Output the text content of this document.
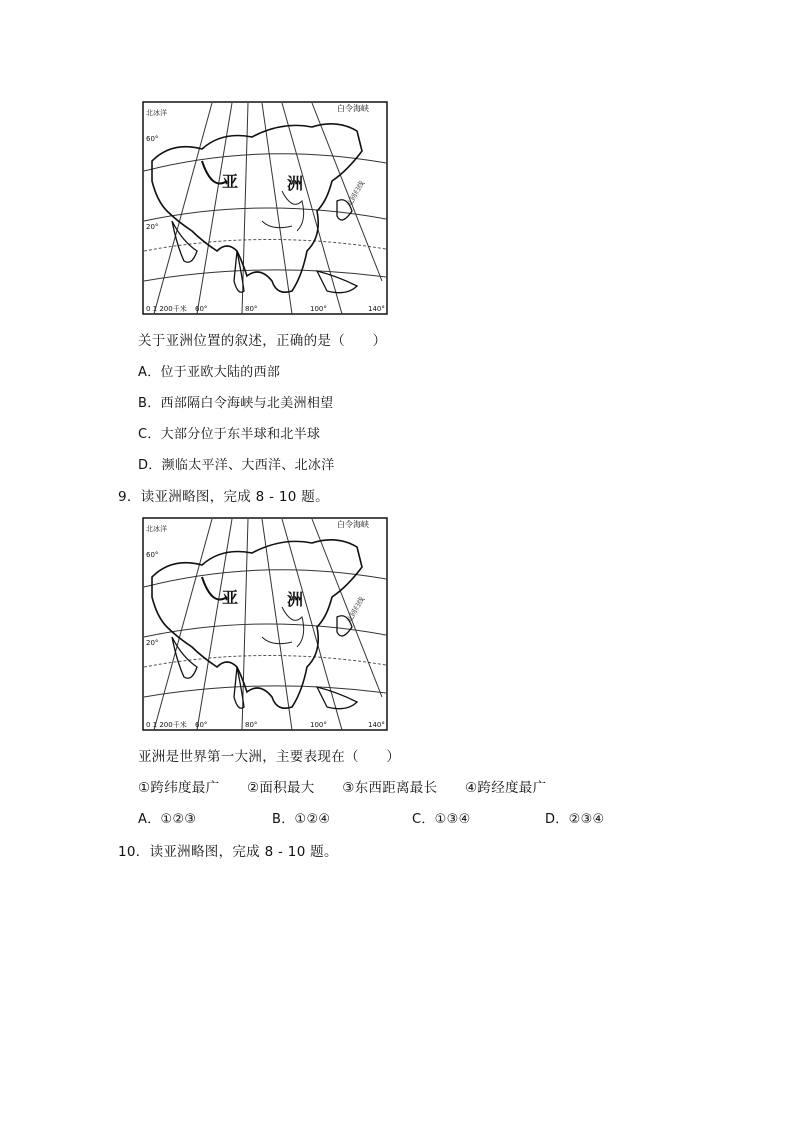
亚	洲
白令海峡
北冰洋
北回归线
0 1 200千米 60°	80°	100°	140°
60°
20°
关于亚洲位置的叙述，正确的是（　　）
A．位于亚欧大陆的西部
B．西部隔白令海峡与北美洲相望
C．大部分位于东半球和北半球
D．濒临太平洋、大西洋、北冰洋
9．读亚洲略图，完成 8 - 10 题。
亚	洲
白令海峡
北冰洋
北回归线
0 1 200千米 60°	80°	100°	140°
60°
20°
亚洲是世界第一大洲，主要表现在（　　）
①跨纬度最广　　②面积最大　　③东西距离最长　　④跨经度最广
A．①②③	B．①②④	C．①③④	D．②③④
10．读亚洲略图，完成 8 - 10 题。
